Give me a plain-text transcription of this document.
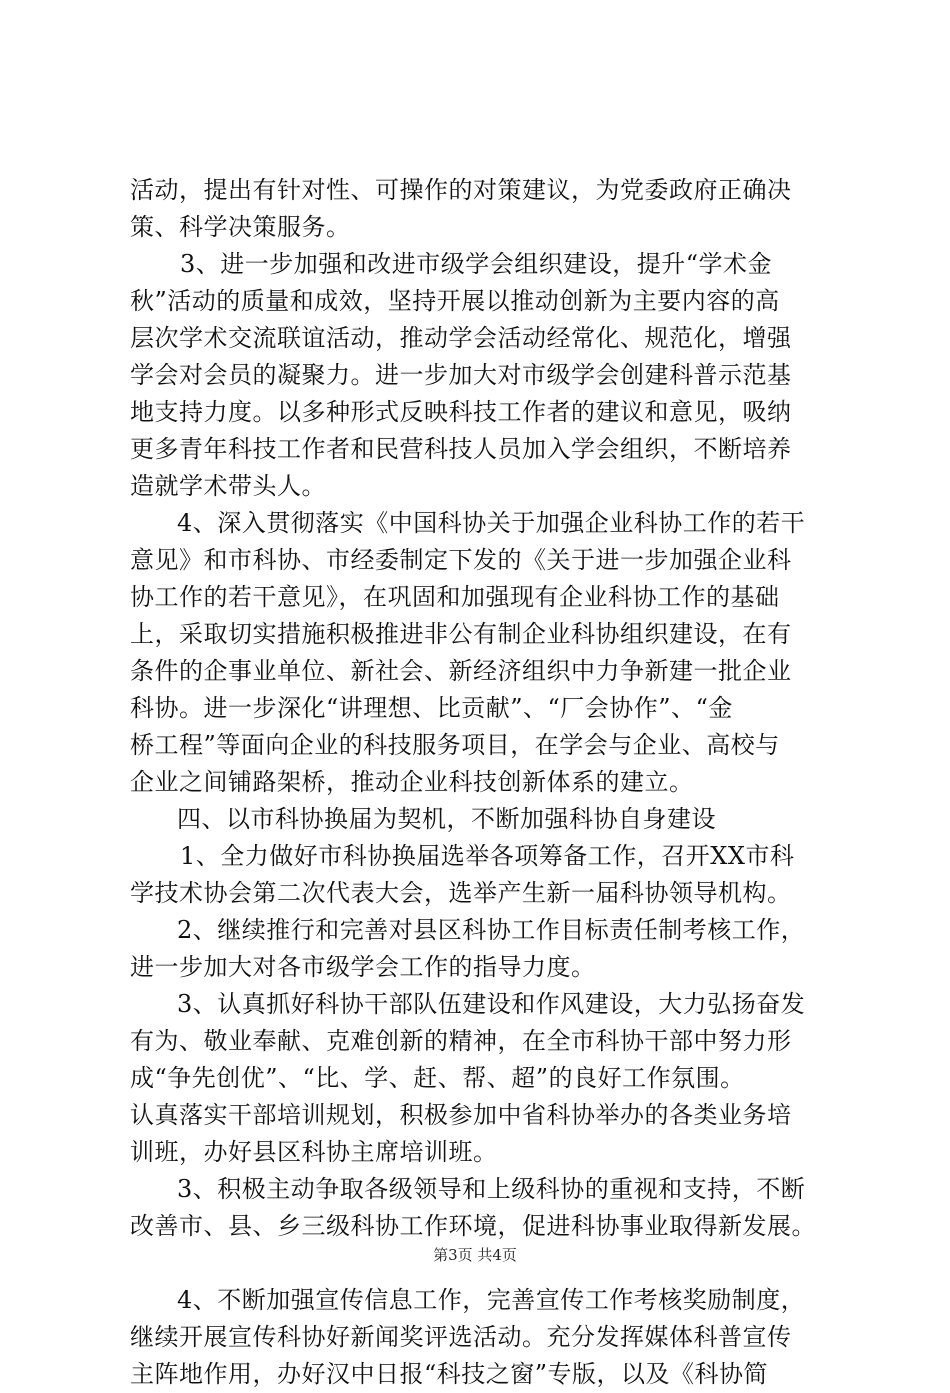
活动，提出有针对性、可操作的对策建议，为党委政府正确决
策、科学决策服务。
3、进一步加强和改进市级学会组织建设，提升“学术金
秋”活动的质量和成效，坚持开展以推动创新为主要内容的高
层次学术交流联谊活动，推动学会活动经常化、规范化，增强
学会对会员的凝聚力。进一步加大对市级学会创建科普示范基
地支持力度。以多种形式反映科技工作者的建议和意见，吸纳
更多青年科技工作者和民营科技人员加入学会组织，不断培养
造就学术带头人。
4、深入贯彻落实《中国科协关于加强企业科协工作的若干
意见》和市科协、市经委制定下发的《关于进一步加强企业科
协工作的若干意见》，在巩固和加强现有企业科协工作的基础
上，采取切实措施积极推进非公有制企业科协组织建设，在有
条件的企事业单位、新社会、新经济组织中力争新建一批企业
科协。进一步深化“讲理想、比贡献”、“厂会协作”、“金
桥工程”等面向企业的科技服务项目，在学会与企业、高校与
企业之间铺路架桥，推动企业科技创新体系的建立。
四、以市科协换届为契机，不断加强科协自身建设
1、全力做好市科协换届选举各项筹备工作，召开XX市科
学技术协会第二次代表大会，选举产生新一届科协领导机构。
2、继续推行和完善对县区科协工作目标责任制考核工作，
进一步加大对各市级学会工作的指导力度。
3、认真抓好科协干部队伍建设和作风建设，大力弘扬奋发
有为、敬业奉献、克难创新的精神，在全市科协干部中努力形
成“争先创优”、“比、学、赶、帮、超”的良好工作氛围。
认真落实干部培训规划，积极参加中省科协举办的各类业务培
训班，办好县区科协主席培训班。
3、积极主动争取各级领导和上级科协的重视和支持，不断
改善市、县、乡三级科协工作环境，促进科协事业取得新发展。
4、不断加强宣传信息工作，完善宣传工作考核奖励制度，
继续开展宣传科协好新闻奖评选活动。充分发挥媒体科普宣传
主阵地作用，办好汉中日报“科技之窗”专版，以及《科协简
第3页 共4页
